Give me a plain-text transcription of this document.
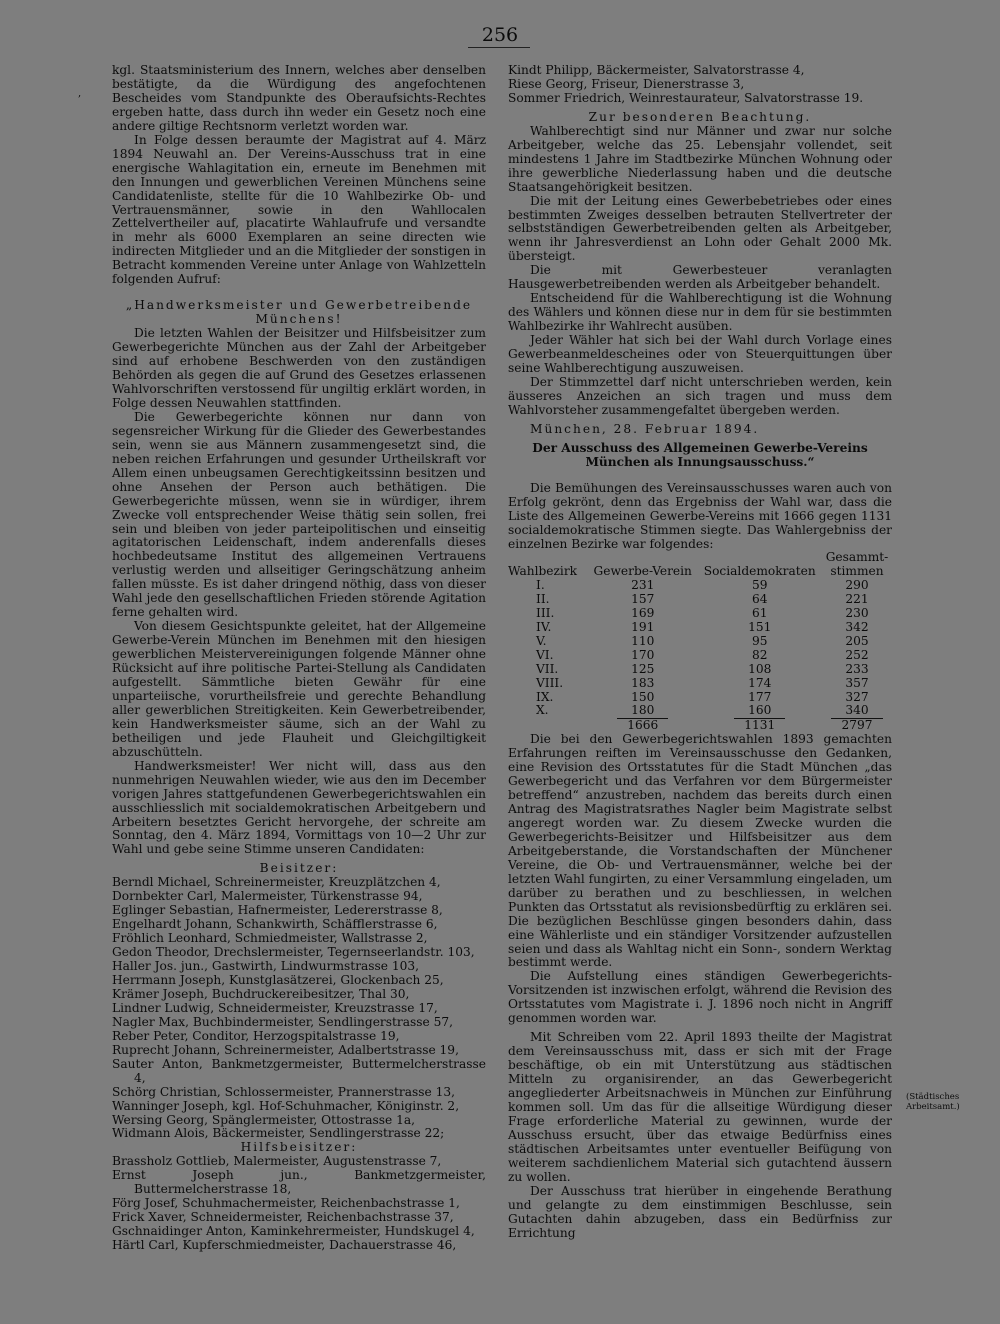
256
,

kgl. Staatsministerium des Innern, welches aber denselben bestätigte, da die Würdigung des angefochtenen Bescheides vom Standpunkte des Oberaufsichts-Rechtes ergeben hatte, dass durch ihn weder ein Gesetz noch eine andere giltige Rechtsnorm verletzt worden war.

In Folge dessen beraumte der Magistrat auf 4. März 1894 Neuwahl an. Der Vereins-Ausschuss trat in eine energische Wahlagitation ein, erneute im Benehmen mit den Innungen und gewerblichen Vereinen Münchens seine Candidatenliste, stellte für die 10 Wahlbezirke Ob- und Vertrauensmänner, sowie in den Wahllocalen Zettelvertheiler auf, placatirte Wahlaufrufe und versandte in mehr als 6000 Exemplaren an seine directen wie indirecten Mitglieder und an die Mitglieder der sonstigen in Betracht kommenden Vereine unter Anlage von Wahlzetteln folgenden Aufruf:

„Handwerksmeister und Gewerbetreibende Münchens!

Die letzten Wahlen der Beisitzer und Hilfsbeisitzer zum Gewerbegerichte München aus der Zahl der Arbeitgeber sind auf erhobene Beschwerden von den zuständigen Behörden als gegen die auf Grund des Gesetzes erlassenen Wahlvorschriften verstossend für ungiltig erklärt worden, in Folge dessen Neuwahlen stattfinden.

Die Gewerbegerichte können nur dann von segensreicher Wirkung für die Glieder des Gewerbestandes sein, wenn sie aus Männern zusammengesetzt sind, die neben reichen Erfahrungen und gesunder Urtheilskraft vor Allem einen unbeugsamen Gerechtigkeitssinn besitzen und ohne Ansehen der Person auch bethätigen. Die Gewerbegerichte müssen, wenn sie in würdiger, ihrem Zwecke voll entsprechender Weise thätig sein sollen, frei sein und bleiben von jeder parteipolitischen und einseitig agitatorischen Leidenschaft, indem anderenfalls dieses hochbedeutsame Institut des allgemeinen Vertrauens verlustig werden und allseitiger Geringschätzung anheim fallen müsste. Es ist daher dringend nöthig, dass von dieser Wahl jede den gesellschaftlichen Frieden störende Agitation ferne gehalten wird.

Von diesem Gesichtspunkte geleitet, hat der Allgemeine Gewerbe-Verein München im Benehmen mit den hiesigen gewerblichen Meistervereinigungen folgende Männer ohne Rücksicht auf ihre politische Partei-Stellung als Candidaten aufgestellt. Sämmtliche bieten Gewähr für eine unparteiische, vorurtheilsfreie und gerechte Behandlung aller gewerblichen Streitigkeiten. Kein Gewerbetreibender, kein Handwerksmeister säume, sich an der Wahl zu betheiligen und jede Flauheit und Gleichgiltigkeit abzuschütteln.

Handwerksmeister! Wer nicht will, dass aus den nunmehrigen Neuwahlen wieder, wie aus den im December vorigen Jahres stattgefundenen Gewerbegerichtswahlen ein ausschliesslich mit socialdemokratischen Arbeitgebern und Arbeitern besetztes Gericht hervorgehe, der schreite am Sonntag, den 4. März 1894, Vormittags von 10—2 Uhr zur Wahl und gebe seine Stimme unseren Candidaten:

Beisitzer:

Berndl Michael, Schreinermeister, Kreuzplätzchen 4,

Dornbekter Carl, Malermeister, Türkenstrasse 94,

Eglinger Sebastian, Hafnermeister, Ledererstrasse 8,

Engelhardt Johann, Schankwirth, Schäfflerstrasse 6,

Fröhlich Leonhard, Schmiedmeister, Wallstrasse 2,

Gedon Theodor, Drechslermeister, Tegernseerlandstr. 103,

Haller Jos. jun., Gastwirth, Lindwurmstrasse 103,

Herrmann Joseph, Kunstglasätzerei, Glockenbach 25,

Krämer Joseph, Buchdruckereibesitzer, Thal 30,

Lindner Ludwig, Schneidermeister, Kreuzstrasse 17,

Nagler Max, Buchbindermeister, Sendlingerstrasse 57,

Reber Peter, Conditor, Herzogspitalstrasse 19,

Ruprecht Johann, Schreinermeister, Adalbertstrasse 19,

Sauter Anton, Bankmetzgermeister, Buttermelcherstrasse 4,

Schörg Christian, Schlossermeister, Prannerstrasse 13,

Wanninger Joseph, kgl. Hof-Schuhmacher, Königinstr. 2,

Wersing Georg, Spänglermeister, Ottostrasse 1a,

Widmann Alois, Bäckermeister, Sendlingerstrasse 22;

Hilfsbeisitzer:

Brassholz Gottlieb, Malermeister, Augustenstrasse 7,

Ernst Joseph jun., Bankmetzgermeister, Buttermelcherstrasse 18,

Förg Josef, Schuhmachermeister, Reichenbachstrasse 1,

Frick Xaver, Schneidermeister, Reichenbachstrasse 37,

Gschnaidinger Anton, Kaminkehrermeister, Hundskugel 4,

Härtl Carl, Kupferschmiedmeister, Dachauerstrasse 46,

Kindt Philipp, Bäckermeister, Salvatorstrasse 4,

Riese Georg, Friseur, Dienerstrasse 3,

Sommer Friedrich, Weinrestaurateur, Salvatorstrasse 19.

Zur besonderen Beachtung.

Wahlberechtigt sind nur Männer und zwar nur solche Arbeitgeber, welche das 25. Lebensjahr vollendet, seit mindestens 1 Jahre im Stadtbezirke München Wohnung oder ihre gewerbliche Niederlassung haben und die deutsche Staatsangehörigkeit besitzen.

Die mit der Leitung eines Gewerbebetriebes oder eines bestimmten Zweiges desselben betrauten Stellvertreter der selbstständigen Gewerbetreibenden gelten als Arbeitgeber, wenn ihr Jahresverdienst an Lohn oder Gehalt 2000 Mk. übersteigt.

Die mit Gewerbesteuer veranlagten Hausgewerbetreibenden werden als Arbeitgeber behandelt.

Entscheidend für die Wahlberechtigung ist die Wohnung des Wählers und können diese nur in dem für sie bestimmten Wahlbezirke ihr Wahlrecht ausüben.

Jeder Wähler hat sich bei der Wahl durch Vorlage eines Gewerbeanmeldescheines oder von Steuerquittungen über seine Wahlberechtigung auszuweisen.

Der Stimmzettel darf nicht unterschrieben werden, kein äusseres Anzeichen an sich tragen und muss dem Wahlvorsteher zusammengefaltet übergeben werden.

München, 28. Februar 1894.

Der Ausschuss des Allgemeinen Gewerbe-Vereins München als Innungsausschuss.“

Die Bemühungen des Vereinsausschusses waren auch von Erfolg gekrönt, denn das Ergebniss der Wahl war, dass die Liste des Allgemeinen Gewerbe-Vereins mit 1666 gegen 1131 socialdemokratische Stimmen siegte. Das Wahlergebniss der einzelnen Bezirke war folgendes:

Wahlbezirk	Gewerbe-Verein	Socialdemokraten	Gesammt-stimmen
I.	231	59	290
II.	157	64	221
III.	169	61	230
IV.	191	151	342
V.	110	95	205
VI.	170	82	252
VII.	125	108	233
VIII.	183	174	357
IX.	150	177	327
X.	180	160	340
	1666	1131	2797

Die bei den Gewerbegerichtswahlen 1893 gemachten Erfahrungen reiften im Vereinsausschusse den Gedanken, eine Revision des Ortsstatutes für die Stadt München „das Gewerbegericht und das Verfahren vor dem Bürgermeister betreffend“ anzustreben, nachdem das bereits durch einen Antrag des Magistratsrathes Nagler beim Magistrate selbst angeregt worden war. Zu diesem Zwecke wurden die Gewerbegerichts-Beisitzer und Hilfsbeisitzer aus dem Arbeitgeberstande, die Vorstandschaften der Münchener Vereine, die Ob- und Vertrauensmänner, welche bei der letzten Wahl fungirten, zu einer Versammlung eingeladen, um darüber zu berathen und zu beschliessen, in welchen Punkten das Ortsstatut als revisionsbedürftig zu erklären sei. Die bezüglichen Beschlüsse gingen besonders dahin, dass eine Wählerliste und ein ständiger Vorsitzender aufzustellen seien und dass als Wahltag nicht ein Sonn-, sondern Werktag bestimmt werde.

Die Aufstellung eines ständigen Gewerbegerichts-Vorsitzenden ist inzwischen erfolgt, während die Revision des Ortsstatutes vom Magistrate i. J. 1896 noch nicht in Angriff genommen worden war.

Mit Schreiben vom 22. April 1893 theilte der Magistrat dem Vereinsausschuss mit, dass er sich mit der Frage beschäftige, ob ein mit Unterstützung aus städtischen Mitteln zu organisirender, an das Gewerbegericht angegliederter Arbeitsnachweis in München zur Einführung kommen soll. Um das für die allseitige Würdigung dieser Frage erforderliche Material zu gewinnen, wurde der Ausschuss ersucht, über das etwaige Bedürfniss eines städtischen Arbeitsamtes unter eventueller Beifügung von weiterem sachdienlichem Material sich gutachtend äussern zu wollen.

Der Ausschuss trat hierüber in eingehende Berathung und gelangte zu dem einstimmigen Beschlusse, sein Gutachten dahin abzugeben, dass ein Bedürfniss zur Errichtung

(Städtisches Arbeitsamt.)
